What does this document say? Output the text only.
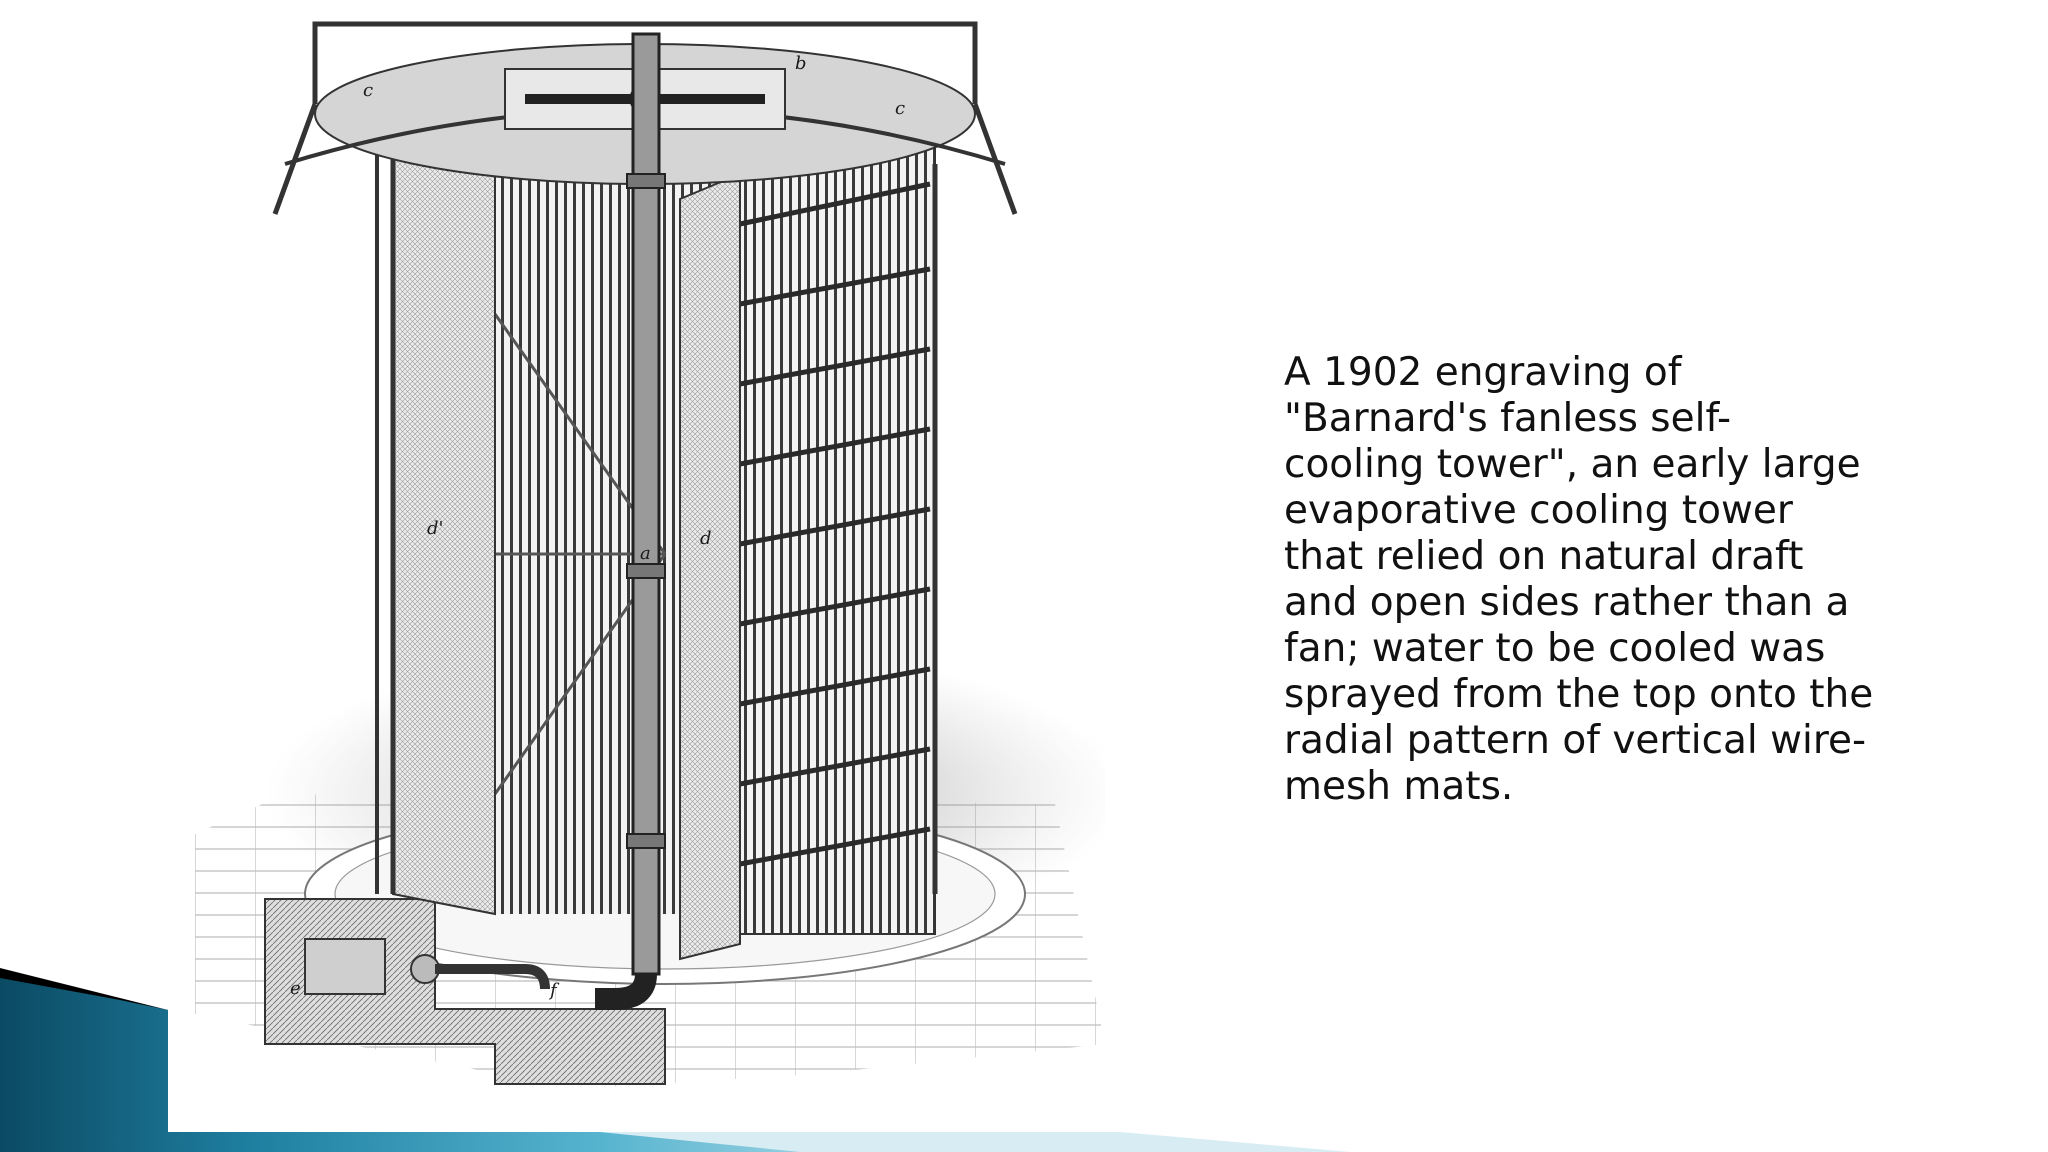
b
c
c
d'	d
a
e	f

A 1902 engraving of
"Barnard's fanless self-
cooling tower", an early large
evaporative cooling tower
that relied on natural draft
and open sides rather than a
fan; water to be cooled was
sprayed from the top onto the
radial pattern of vertical wire-
mesh mats.
